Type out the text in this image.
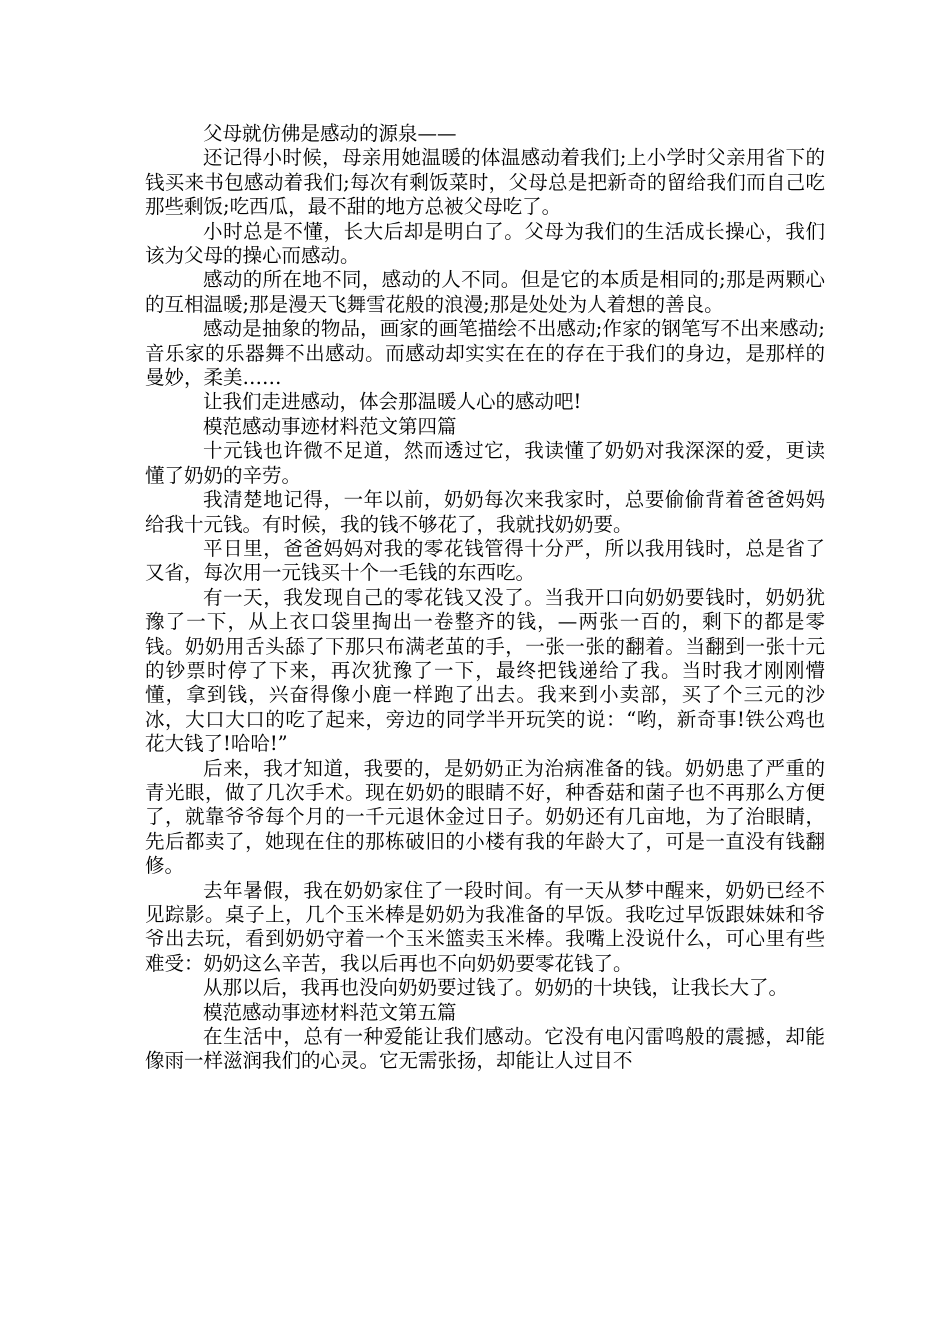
父母就仿佛是感动的源泉——

还记得小时候，母亲用她温暖的体温感动着我们;上小学时父亲用省下的钱买来书包感动着我们;每次有剩饭菜时，父母总是把新奇的留给我们而自己吃那些剩饭;吃西瓜，最不甜的地方总被父母吃了。

小时总是不懂，长大后却是明白了。父母为我们的生活成长操心，我们该为父母的操心而感动。

感动的所在地不同，感动的人不同。但是它的本质是相同的;那是两颗心的互相温暖;那是漫天飞舞雪花般的浪漫;那是处处为人着想的善良。

感动是抽象的物品，画家的画笔描绘不出感动;作家的钢笔写不出来感动;音乐家的乐器舞不出感动。而感动却实实在在的存在于我们的身边，是那样的曼妙，柔美……

让我们走进感动，体会那温暖人心的感动吧!

模范感动事迹材料范文第四篇

十元钱也许微不足道，然而透过它，我读懂了奶奶对我深深的爱，更读懂了奶奶的辛劳。

我清楚地记得，一年以前，奶奶每次来我家时，总要偷偷背着爸爸妈妈给我十元钱。有时候，我的钱不够花了，我就找奶奶要。

平日里，爸爸妈妈对我的零花钱管得十分严，所以我用钱时，总是省了又省，每次用一元钱买十个一毛钱的东西吃。

有一天，我发现自己的零花钱又没了。当我开口向奶奶要钱时，奶奶犹豫了一下，从上衣口袋里掏出一卷整齐的钱，—两张一百的，剩下的都是零钱。奶奶用舌头舔了下那只布满老茧的手，一张一张的翻着。当翻到一张十元的钞票时停了下来，再次犹豫了一下，最终把钱递给了我。当时我才刚刚懵懂，拿到钱，兴奋得像小鹿一样跑了出去。我来到小卖部，买了个三元的沙冰，大口大口的吃了起来，旁边的同学半开玩笑的说：“哟，新奇事!铁公鸡也花大钱了!哈哈!”

后来，我才知道，我要的，是奶奶正为治病准备的钱。奶奶患了严重的青光眼，做了几次手术。现在奶奶的眼睛不好，种香菇和菌子也不再那么方便了，就靠爷爷每个月的一千元退休金过日子。奶奶还有几亩地，为了治眼睛，先后都卖了，她现在住的那栋破旧的小楼有我的年龄大了，可是一直没有钱翻修。

去年暑假，我在奶奶家住了一段时间。有一天从梦中醒来，奶奶已经不见踪影。桌子上，几个玉米棒是奶奶为我准备的早饭。我吃过早饭跟妹妹和爷爷出去玩，看到奶奶守着一个玉米篮卖玉米棒。我嘴上没说什么，可心里有些难受：奶奶这么辛苦，我以后再也不向奶奶要零花钱了。

从那以后，我再也没向奶奶要过钱了。奶奶的十块钱，让我长大了。

模范感动事迹材料范文第五篇

在生活中，总有一种爱能让我们感动。它没有电闪雷鸣般的震撼，却能像雨一样滋润我们的心灵。它无需张扬，却能让人过目不
